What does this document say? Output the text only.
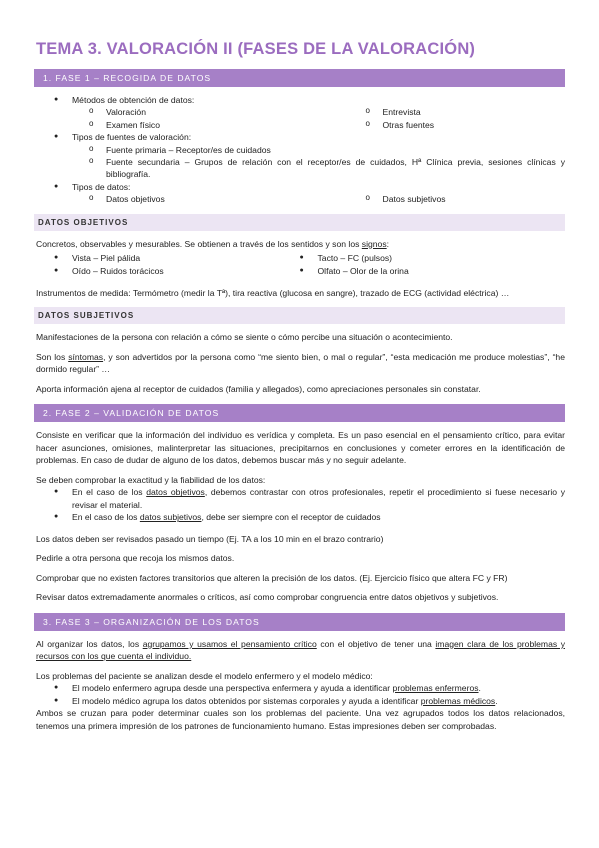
TEMA 3. VALORACIÓN II (FASES DE LA VALORACIÓN)
1. FASE 1 – RECOGIDA DE DATOS
● Métodos de obtención de datos:
o Valoración
o Examen físico
o Entrevista
o Otras fuentes
● Tipos de fuentes de valoración:
o Fuente primaria – Receptor/es de cuidados
o Fuente secundaria – Grupos de relación con el receptor/es de cuidados, Hª Clínica previa, sesiones clínicas y bibliografía.
● Tipos de datos:
o Datos objetivos
o	Datos subjetivos
DATOS OBJETIVOS

Concretos, observables y mesurables. Se obtienen a través de los sentidos y son los signos:

● Vista – Piel pálida
● Oído – Ruidos torácicos
● Tacto – FC (pulsos)
● Olfato – Olor de la orina

Instrumentos de medida: Termómetro (medir la Tª), tira reactiva (glucosa en sangre), trazado de ECG (actividad eléctrica) …

DATOS SUBJETIVOS

Manifestaciones de la persona con relación a cómo se siente o cómo percibe una situación o acontecimiento.

Son los síntomas, y son advertidos por la persona como “me siento bien, o mal o regular”, “esta medicación me produce molestias”, “he dormido regular” …

Aporta información ajena al receptor de cuidados (familia y allegados), como apreciaciones personales sin constatar.

2. FASE 2 – VALIDACIÓN DE DATOS

Consiste en verificar que la información del individuo es verídica y completa. Es un paso esencial en el pensamiento crítico, para evitar hacer asunciones, omisiones, malinterpretar las situaciones, precipitarnos en conclusiones y cometer errores en la identificación de problemas. En caso de dudar de alguno de los datos, debemos buscar más y no seguir adelante.

Se deben comprobar la exactitud y la fiabilidad de los datos:

● En el caso de los datos objetivos, debemos contrastar con otros profesionales, repetir el procedimiento si fuese necesario y revisar el material.
● En el caso de los datos subjetivos, debe ser siempre con el receptor de cuidados

Los datos deben ser revisados pasado un tiempo (Ej. TA a los 10 min en el brazo contrario)

Pedirle a otra persona que recoja los mismos datos.

Comprobar que no existen factores transitorios que alteren la precisión de los datos. (Ej. Ejercicio físico que altera FC y FR)

Revisar datos extremadamente anormales o críticos, así como comprobar congruencia entre datos objetivos y subjetivos.

3. FASE 3 – ORGANIZACIÓN DE LOS DATOS

Al organizar los datos, los agrupamos y usamos el pensamiento crítico con el objetivo de tener una imagen clara de los problemas y recursos con los que cuenta el individuo.

Los problemas del paciente se analizan desde el modelo enfermero y el modelo médico:

● El modelo enfermero agrupa desde una perspectiva enfermera y ayuda a identificar problemas enfermeros.
● El modelo médico agrupa los datos obtenidos por sistemas corporales y ayuda a identificar problemas médicos.

Ambos se cruzan para poder determinar cuales son los problemas del paciente. Una vez agrupados todos los datos relacionados, tenemos una primera impresión de los patrones de funcionamiento humano. Estas impresiones deben ser comprobadas.
